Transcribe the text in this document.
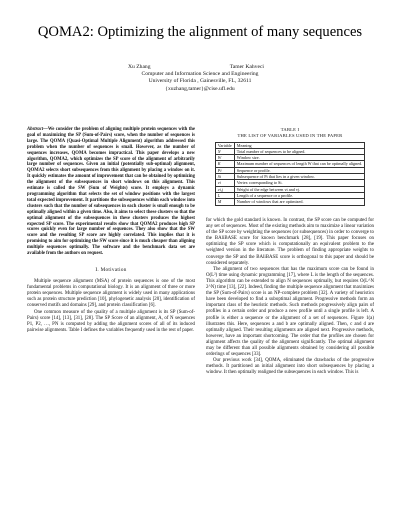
QOMA2: Optimizing the alignment of many sequences
Xu Zhang	Tamer Kahveci
Computer and Information Science and Engineering
University of Florida , Gainesville, FL, 32611
{xuzhang,tamer}@cise.ufl.edu
Abstract—We consider the problem of aligning multiple protein sequences with the goal of maximizing the SP (Sum-of-Pairs) score, when the number of sequences is large. The QOMA (Quasi-Optimal Multiple Alignment) algorithm addressed this problem when the number of sequences is small. However, as the number of sequences increases, QOMA becomes impractical. This paper develops a new algorithm, QOMA2, which optimizes the SP score of the alignment of arbitrarily large number of sequences. Given an initial (potentially sub-optimal) alignment, QOMA2 selects short subsequences from this alignment by placing a window on it. It quickly estimates the amount of improvement that can be obtained by optimizing the alignment of the subsequences in short windows on this alignment. This estimate is called the SW (Sum of Weights) score. It employs a dynamic programming algorithm that selects the set of window positions with the largest total expected improvement. It partitions the subsequences within each window into clusters such that the number of subsequences in each cluster is small enough to be optimally aligned within a given time. Also, it aims to select these clusters so that the optimal alignment of the subsequences in these clusters produces the highest expected SP score. The experimental results show that QOMA2 produces high SP scores quickly even for large number of sequences. They also show that the SW score and the resulting SP score are highly correlated. This implies that it is promising to aim for optimizing the SW score since it is much cheaper than aligning multiple sequences optimally. The software and the benchmark data set are available from the authors on request.
I. Motivation

Multiple sequence alignment (MSA) of protein sequences is one of the most fundamental problems in computational biology. It is an alignment of three or more protein sequences. Multiple sequence alignment is widely used in many applications such as protein structure prediction [10], phylogenetic analysis [20], identification of conserved motifs and domains [29], and protein classification [6].

One common measure of the quality of a multiple alignment is its SP (Sum-of-Pairs) score [14], [13], [31], [28]. The SP Score of an alignment, A, of N sequences P1, P2, …, PN is computed by adding the alignment scores of all of its induced pairwise alignments. Table I defines the variables frequently used in the rest of paper.

TABLE I
THE LIST OF VARIABLES USED IN THE PAPER
Variable	Meaning
N	Total number of sequences to be aligned.
W	Window size.
K	Maximum number of sequences of length W that can be optimally aligned.
Pi	Sequence or profile.
Si	Subsequence of Pi that lies in a given window.
vi	Vertex corresponding to Si.
ei,j	Weight of the edge between vi and vj.
L	Length of a sequence or a profile.
M	Number of windows that are optimized.

for which the gold standard is known. In contrast, the SP score can be computed for any set of sequences. Most of the existing methods aim to maximize a linear variation of the SP score by weighting the sequences (or subsequences) in order to converge to the BAliBASE score for known benchmark [28], [19]. This paper focuses on optimizing the SP score which is computationally an equivalent problem to the weighted version in the literature. The problem of finding appropriate weights to converge the SP and the BAliBASE score is orthogonal to this paper and should be considered separately.

The alignment of two sequences that has the maximum score can be found in O(L²) time using dynamic programming [17], where L is the length of the sequences. This algorithm can be extended to align N sequences optimally, but requires O(L^N 2^N) time [13], [22]. Indeed, finding the multiple sequence alignment that maximizes the SP (Sum-of-Pairs) score is an NP-complete problem [32]. A variety of heuristics have been developed to find a suboptimal alignment. Progressive methods form an important class of the heuristic methods. Such methods progressively align pairs of profiles in a certain order and produce a new profile until a single profile is left. A profile is either a sequence or the alignment of a set of sequences. Figure 1(a) illustrates this. Here, sequences a and b are optimally aligned. Then, c and d are optimally aligned. Their resulting alignments are aligned next. Progressive methods, however, have an important shortcoming. The order that the profiles are chosen for alignment affects the quality of the alignment significantly. The optimal alignment may be different than all possible alignments obtained by considering all possible orderings of sequences [33].

Our previous work [34], QOMA, eliminated the drawbacks of the progressive methods. It partitioned an initial alignment into short subsequences by placing a window. It then optimally realigned the subsequences in each window. This is
